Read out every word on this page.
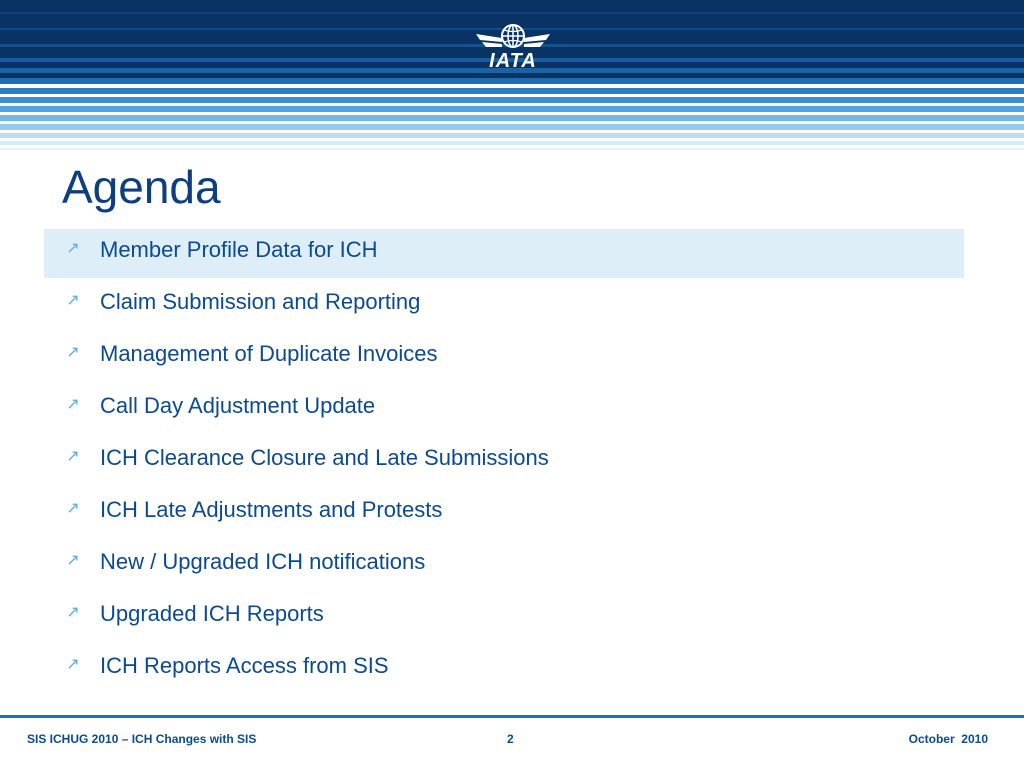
IATA
Agenda
↗ Member Profile Data for ICH
↗ Claim Submission and Reporting
↗ Management of Duplicate Invoices
↗ Call Day Adjustment Update
↗ ICH Clearance Closure and Late Submissions
↗ ICH Late Adjustments and Protests
↗ New / Upgraded ICH notifications
↗ Upgraded ICH Reports
↗ ICH Reports Access from SIS
SIS ICHUG 2010 – ICH Changes with SIS	2	October  2010
